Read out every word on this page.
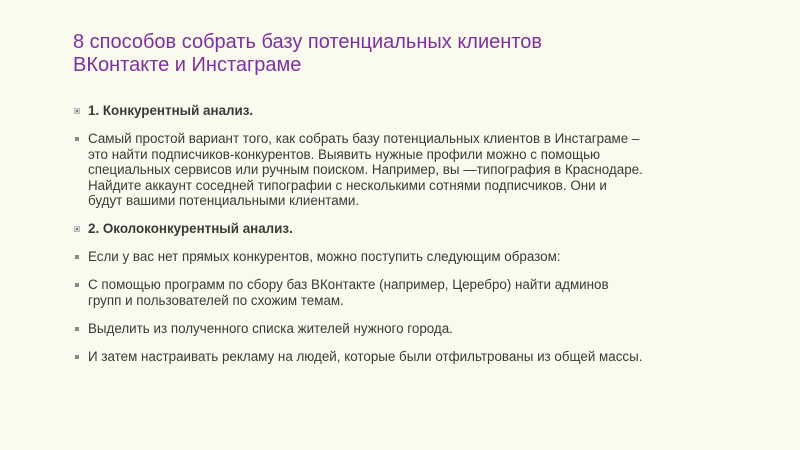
8 способов собрать базу потенциальных клиентов
ВКонтакте и Инстаграме
1. Конкурентный анализ.
Самый простой вариант того, как собрать базу потенциальных клиентов в Инстаграме –
это найти подписчиков-конкурентов. Выявить нужные профили можно с помощью
специальных сервисов или ручным поиском. Например, вы —типография в Краснодаре.
Найдите аккаунт соседней типографии с несколькими сотнями подписчиков. Они и
будут вашими потенциальными клиентами.
2. Околоконкурентный анализ.
Если у вас нет прямых конкурентов, можно поступить следующим образом:
С помощью программ по сбору баз ВКонтакте (например, Церебро) найти админов
групп и пользователей по схожим темам.
Выделить из полученного списка жителей нужного города.
И затем настраивать рекламу на людей, которые были отфильтрованы из общей массы.
